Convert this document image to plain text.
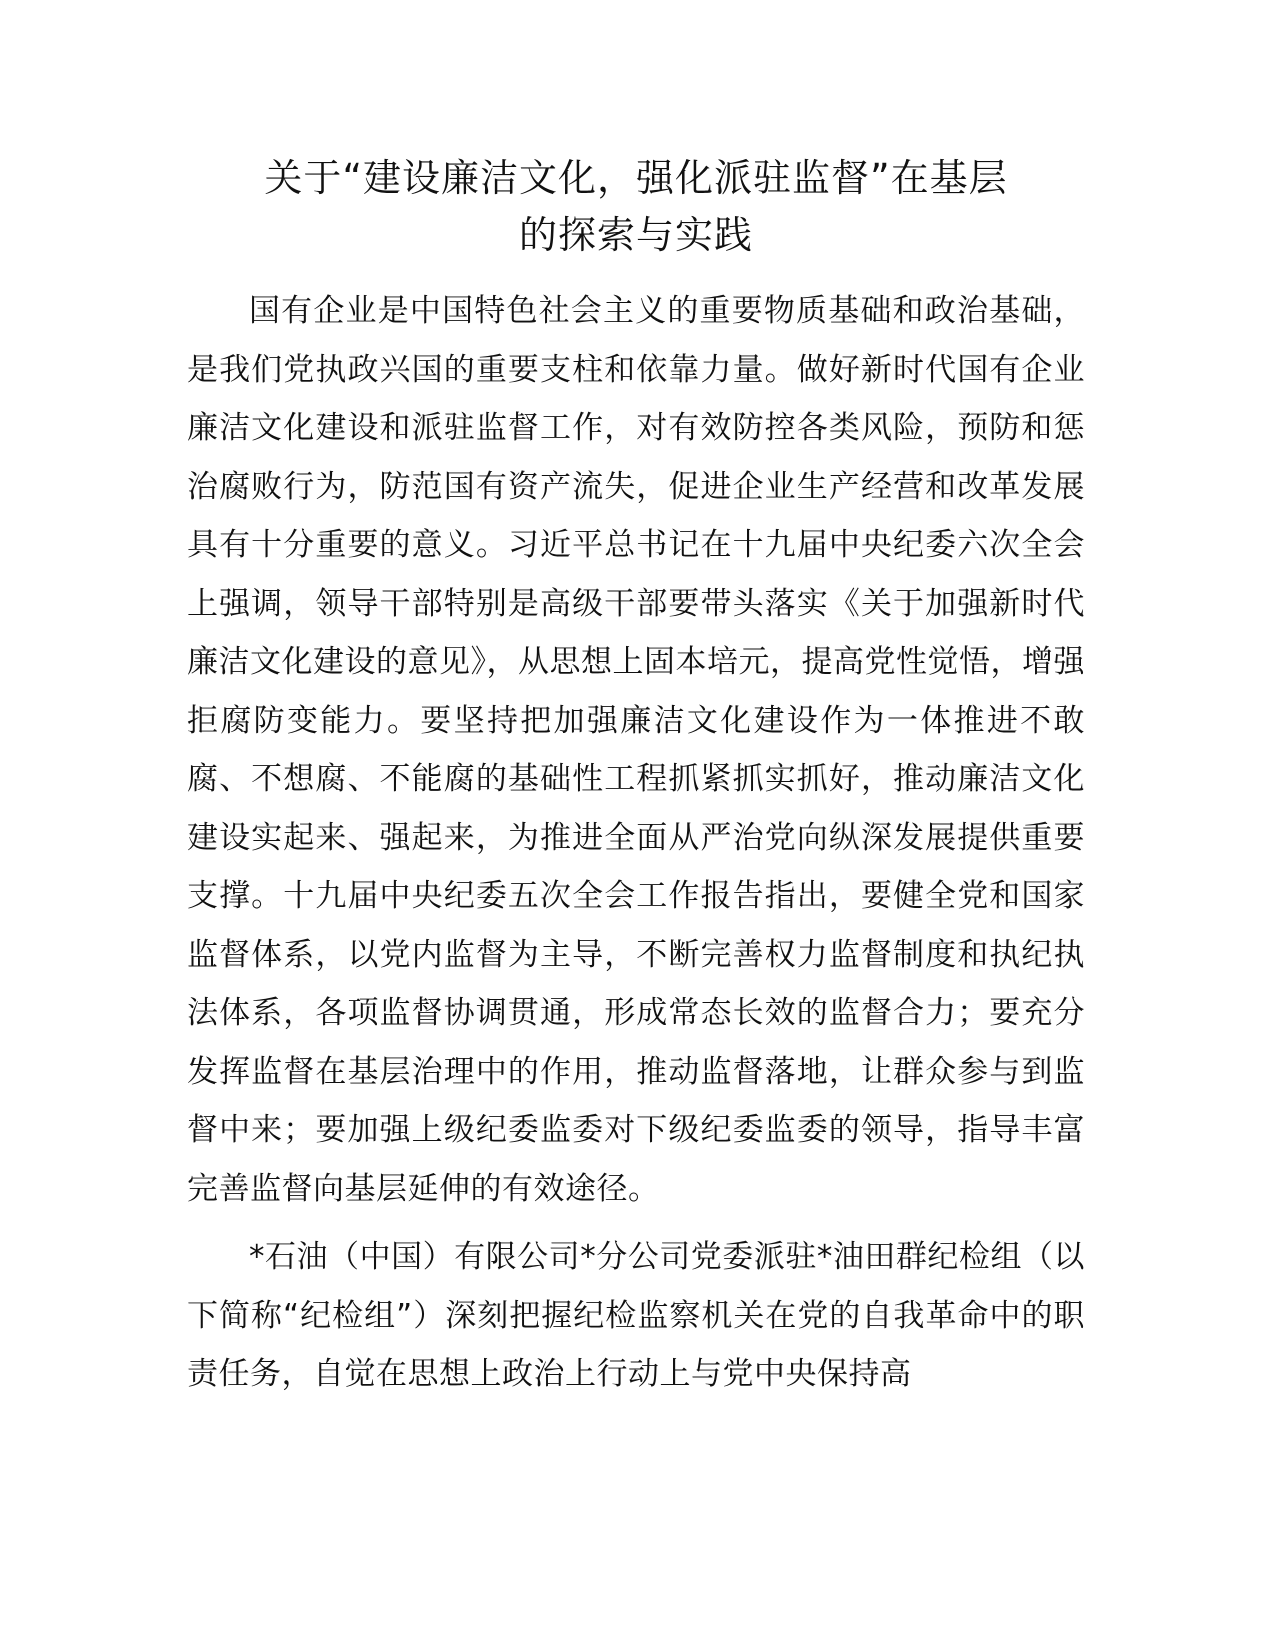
关于“建设廉洁文化，强化派驻监督”在基层
的探索与实践

国有企业是中国特色社会主义的重要物质基础和政治基础，是我们党执政兴国的重要支柱和依靠力量。做好新时代国有企业廉洁文化建设和派驻监督工作，对有效防控各类风险，预防和惩治腐败行为，防范国有资产流失，促进企业生产经营和改革发展具有十分重要的意义。习近平总书记在十九届中央纪委六次全会上强调，领导干部特别是高级干部要带头落实《关于加强新时代廉洁文化建设的意见》，从思想上固本培元，提高党性觉悟，增强拒腐防变能力。要坚持把加强廉洁文化建设作为一体推进不敢腐、不想腐、不能腐的基础性工程抓紧抓实抓好，推动廉洁文化建设实起来、强起来，为推进全面从严治党向纵深发展提供重要支撑。十九届中央纪委五次全会工作报告指出，要健全党和国家监督体系，以党内监督为主导，不断完善权力监督制度和执纪执法体系，各项监督协调贯通，形成常态长效的监督合力；要充分发挥监督在基层治理中的作用，推动监督落地，让群众参与到监督中来；要加强上级纪委监委对下级纪委监委的领导，指导丰富完善监督向基层延伸的有效途径。

*石油（中国）有限公司*分公司党委派驻*油田群纪检组（以下简称“纪检组”）深刻把握纪检监察机关在党的自我革命中的职责任务，自觉在思想上政治上行动上与党中央保持高
